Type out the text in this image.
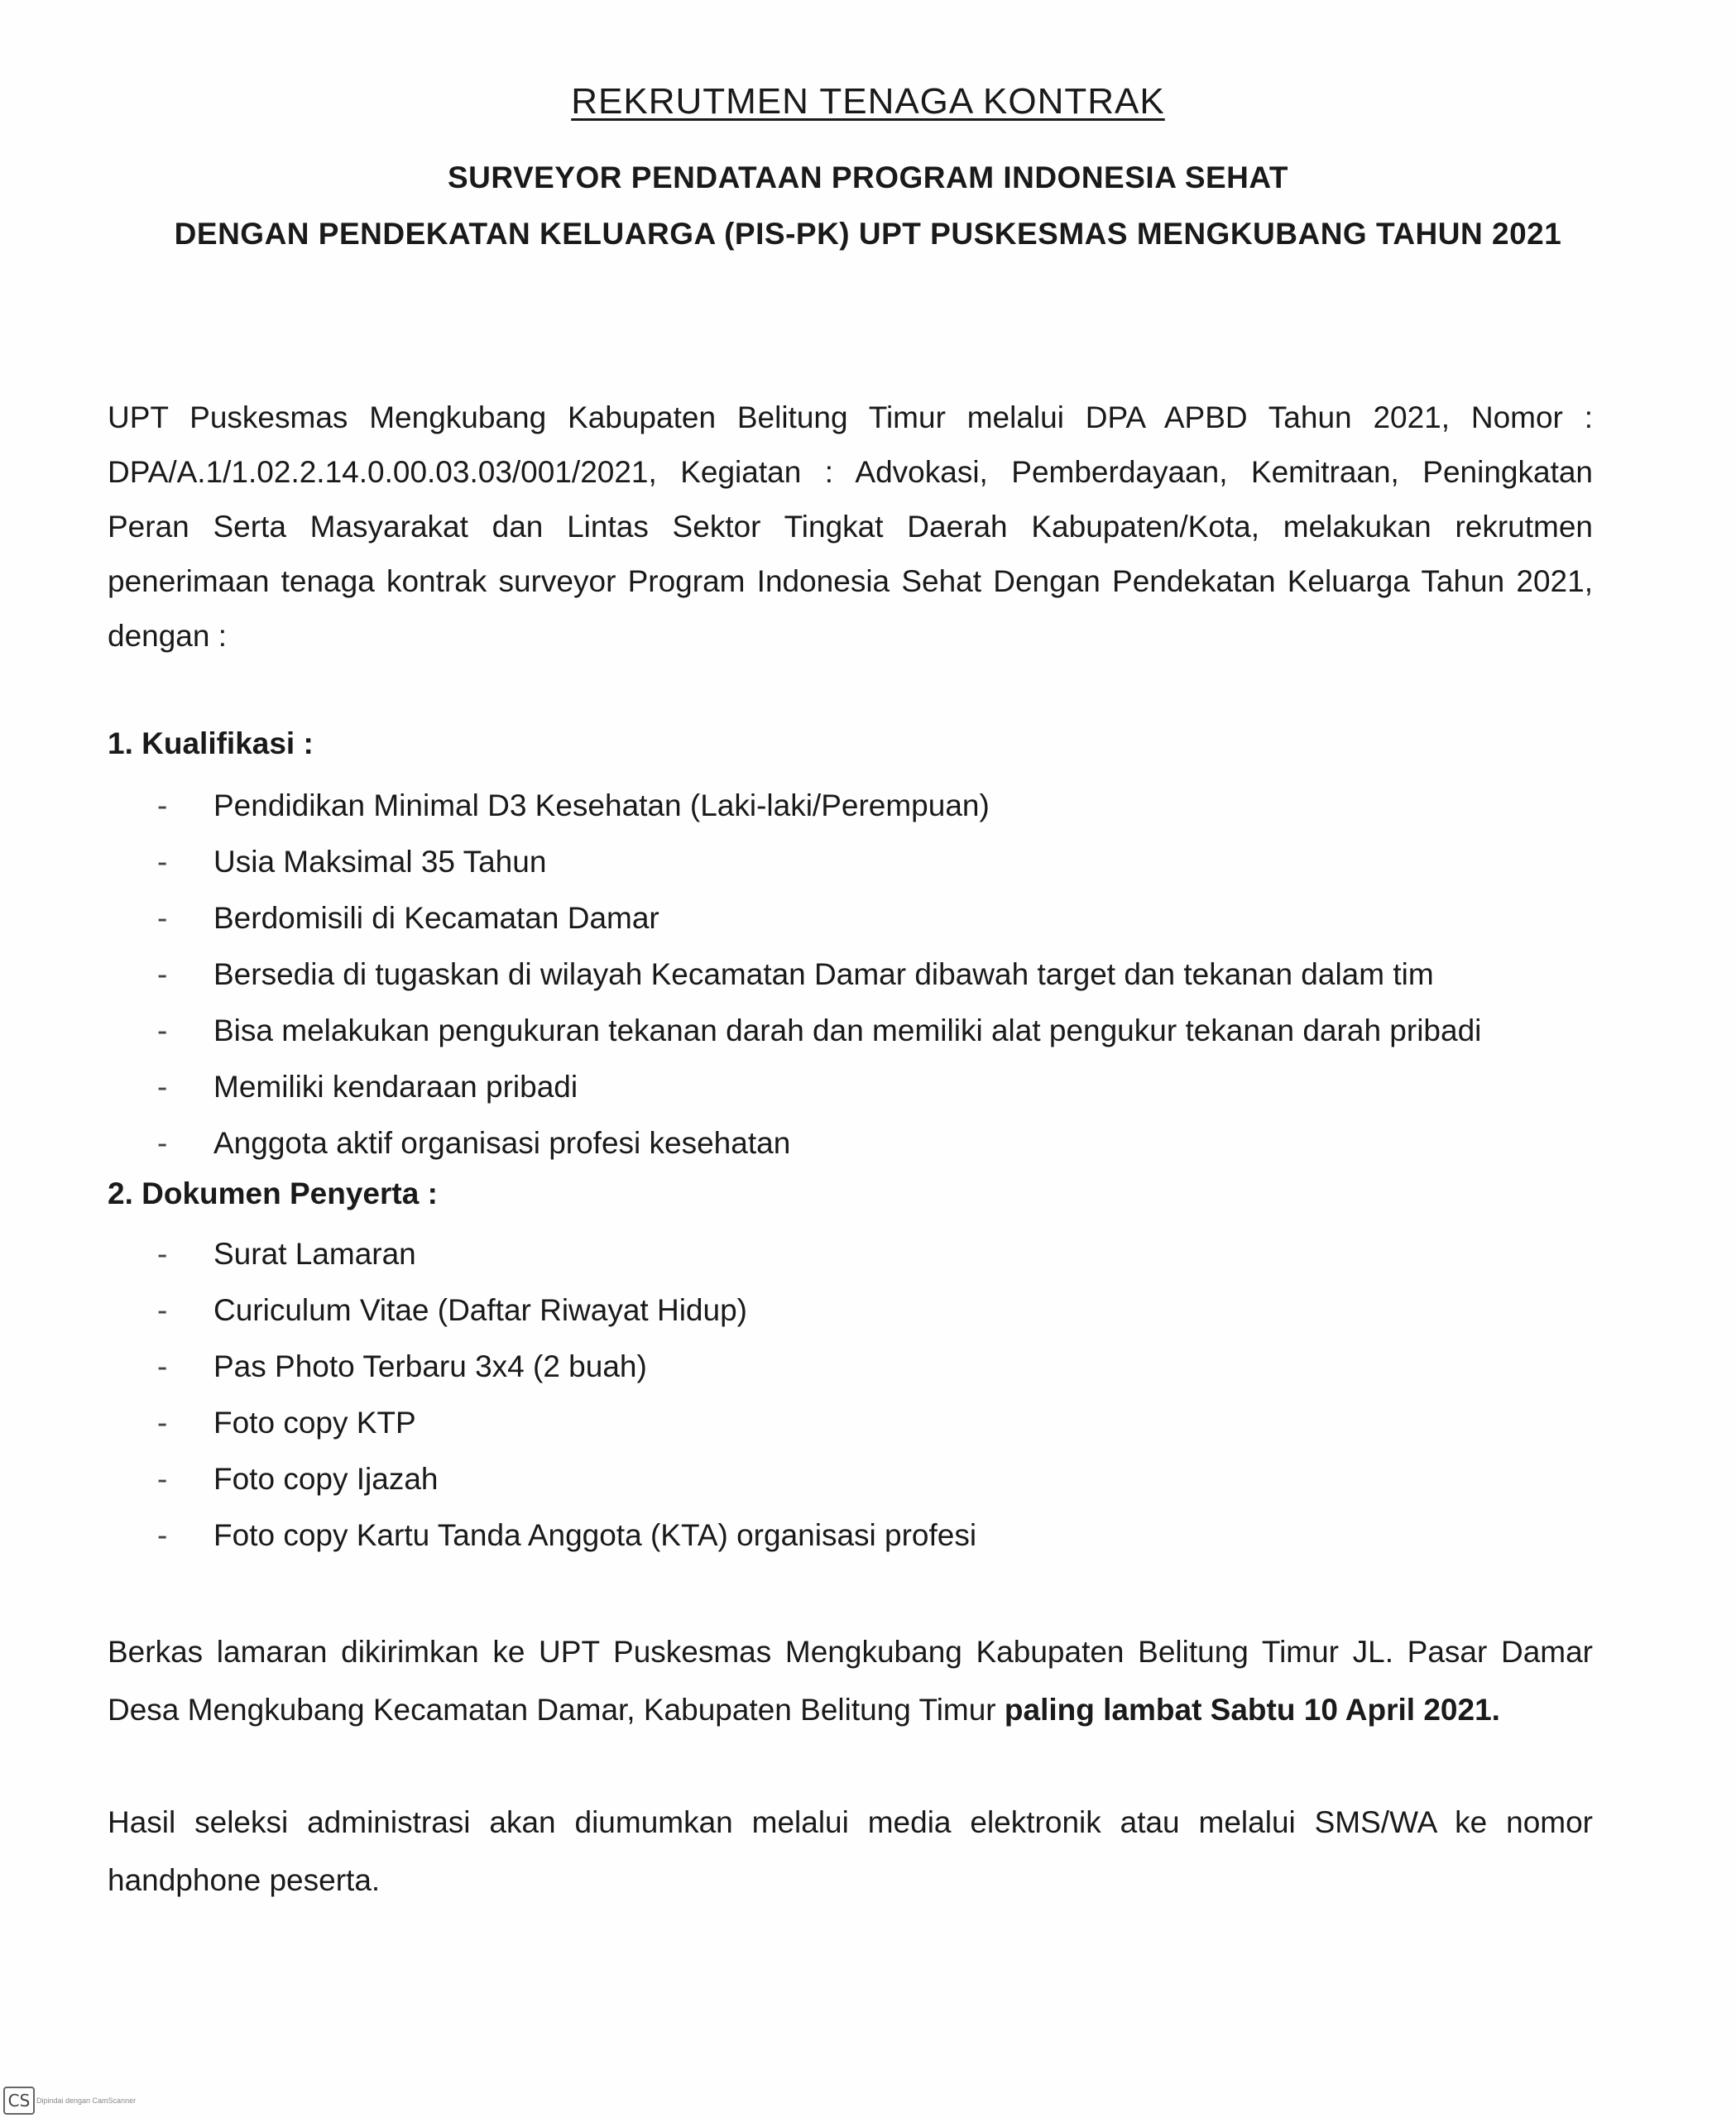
REKRUTMEN TENAGA KONTRAK
SURVEYOR PENDATAAN PROGRAM INDONESIA SEHAT
DENGAN PENDEKATAN KELUARGA (PIS-PK) UPT PUSKESMAS MENGKUBANG TAHUN 2021
UPT Puskesmas Mengkubang Kabupaten Belitung Timur melalui DPA APBD Tahun 2021, Nomor : DPA/A.1/1.02.2.14.0.00.03.03/001/2021, Kegiatan : Advokasi, Pemberdayaan, Kemitraan, Peningkatan Peran Serta Masyarakat dan Lintas Sektor Tingkat Daerah Kabupaten/Kota, melakukan rekrutmen penerimaan tenaga kontrak surveyor Program Indonesia Sehat Dengan Pendekatan Keluarga Tahun 2021, dengan :
1. Kualifikasi :
- Pendidikan Minimal D3 Kesehatan (Laki-laki/Perempuan)
- Usia Maksimal 35 Tahun
- Berdomisili di Kecamatan Damar
- Bersedia di tugaskan di wilayah Kecamatan Damar dibawah target dan tekanan dalam tim
- Bisa melakukan pengukuran tekanan darah dan memiliki alat pengukur tekanan darah pribadi
- Memiliki kendaraan pribadi
- Anggota aktif organisasi profesi kesehatan
2. Dokumen Penyerta :
- Surat Lamaran
- Curiculum Vitae (Daftar Riwayat Hidup)
- Pas Photo Terbaru 3x4 (2 buah)
- Foto copy KTP
- Foto copy Ijazah
- Foto copy Kartu Tanda Anggota (KTA) organisasi profesi
Berkas lamaran dikirimkan ke UPT Puskesmas Mengkubang Kabupaten Belitung Timur JL. Pasar Damar Desa Mengkubang Kecamatan Damar, Kabupaten Belitung Timur paling lambat Sabtu 10 April 2021.
Hasil seleksi administrasi akan diumumkan melalui media elektronik atau melalui SMS/WA ke nomor handphone peserta.
CS Dipindai dengan CamScanner
